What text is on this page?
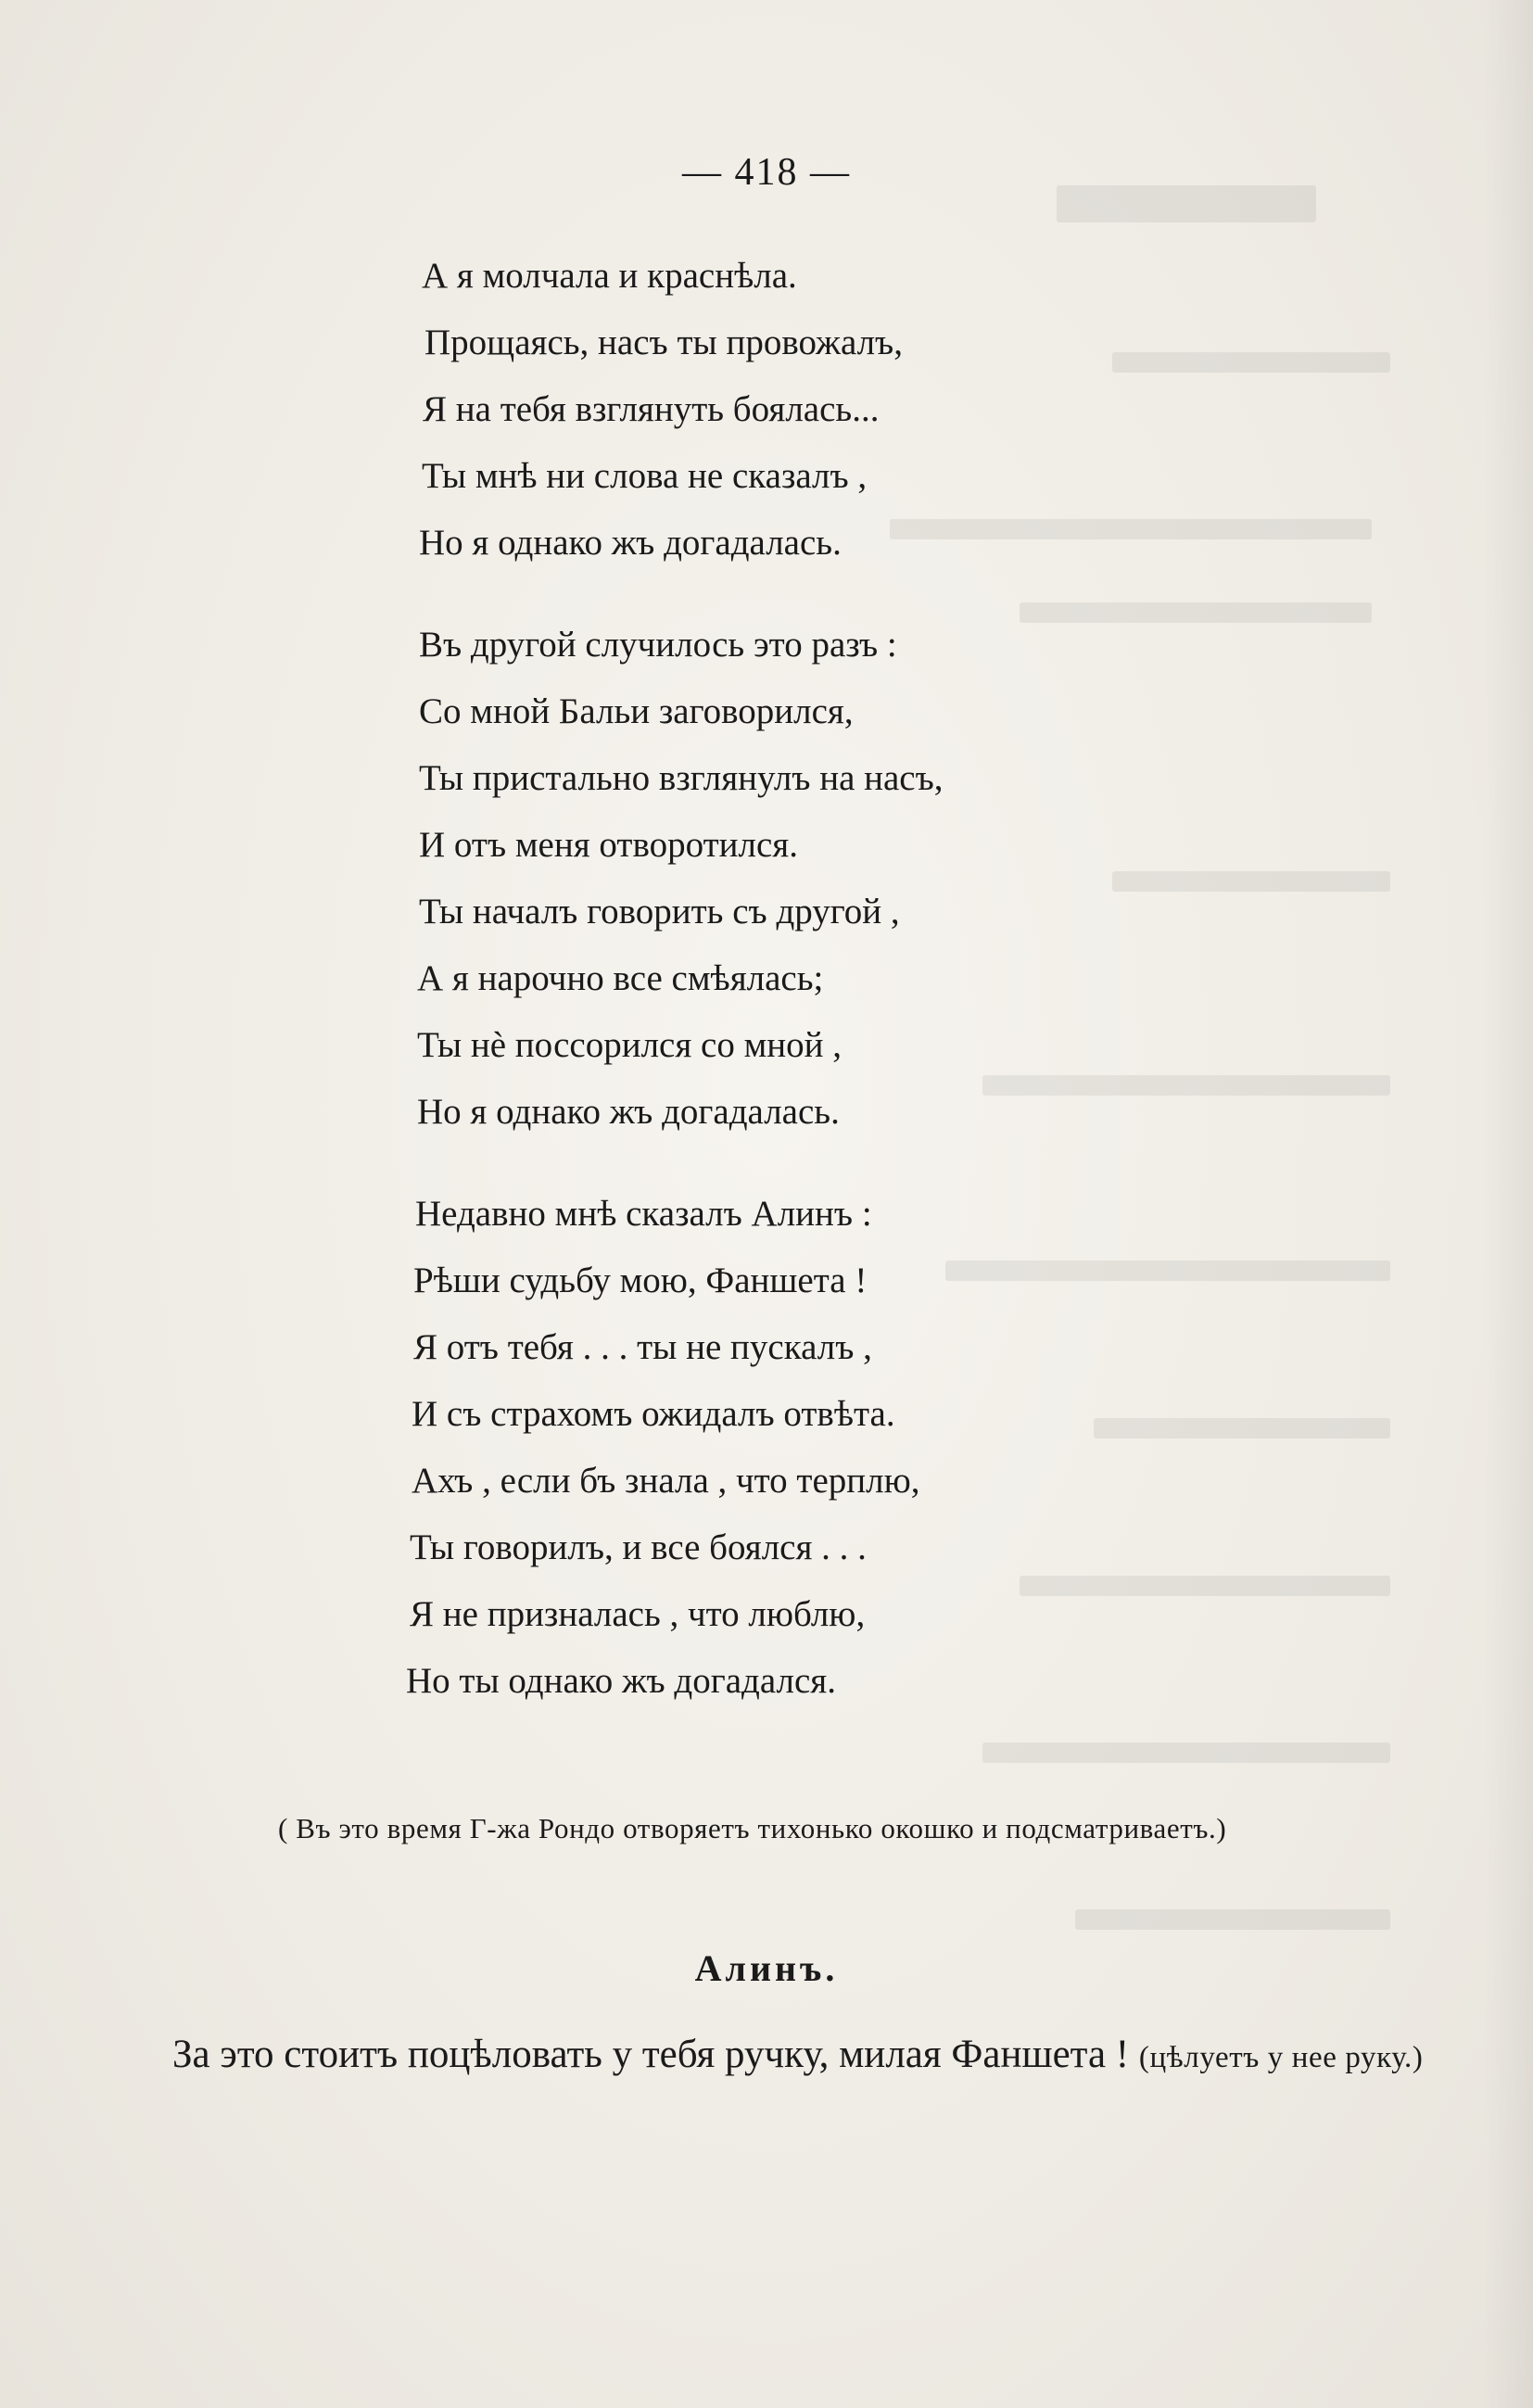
— 418 —
А я молчала и краснѣла.
Прощаясь, насъ ты провожалъ,
Я на тебя взглянуть боялась...
Ты мнѣ ни слова не сказалъ ,
Но я однако жъ догадалась.
Въ другой случилось это разъ :
Со мной Бальи заговорился,
Ты пристально взглянулъ на насъ,
И отъ меня отворотился.
Ты началъ говорить съ другой ,
А я нарочно все смѣялась;
Ты нѐ поссорился со мной ,
Но я однако жъ догадалась.
Недавно мнѣ сказалъ Алинъ :
Рѣши судьбу мою, Фаншета !
Я отъ тебя . . . ты не пускалъ ,
И съ страхомъ ожидалъ отвѣта.
Ахъ , если бъ знала , что терплю,
Ты говорилъ, и все боялся . . .
Я не призналась , что люблю,
Но ты однако жъ догадался.
( Въ это время Г-жа Рондо отворяетъ тихонько окошко и подсматриваетъ.)
Алинъ.
За это стоитъ поцѣловать у тебя ручку, милая Фаншета ! (цѣлуетъ у нее руку.)
